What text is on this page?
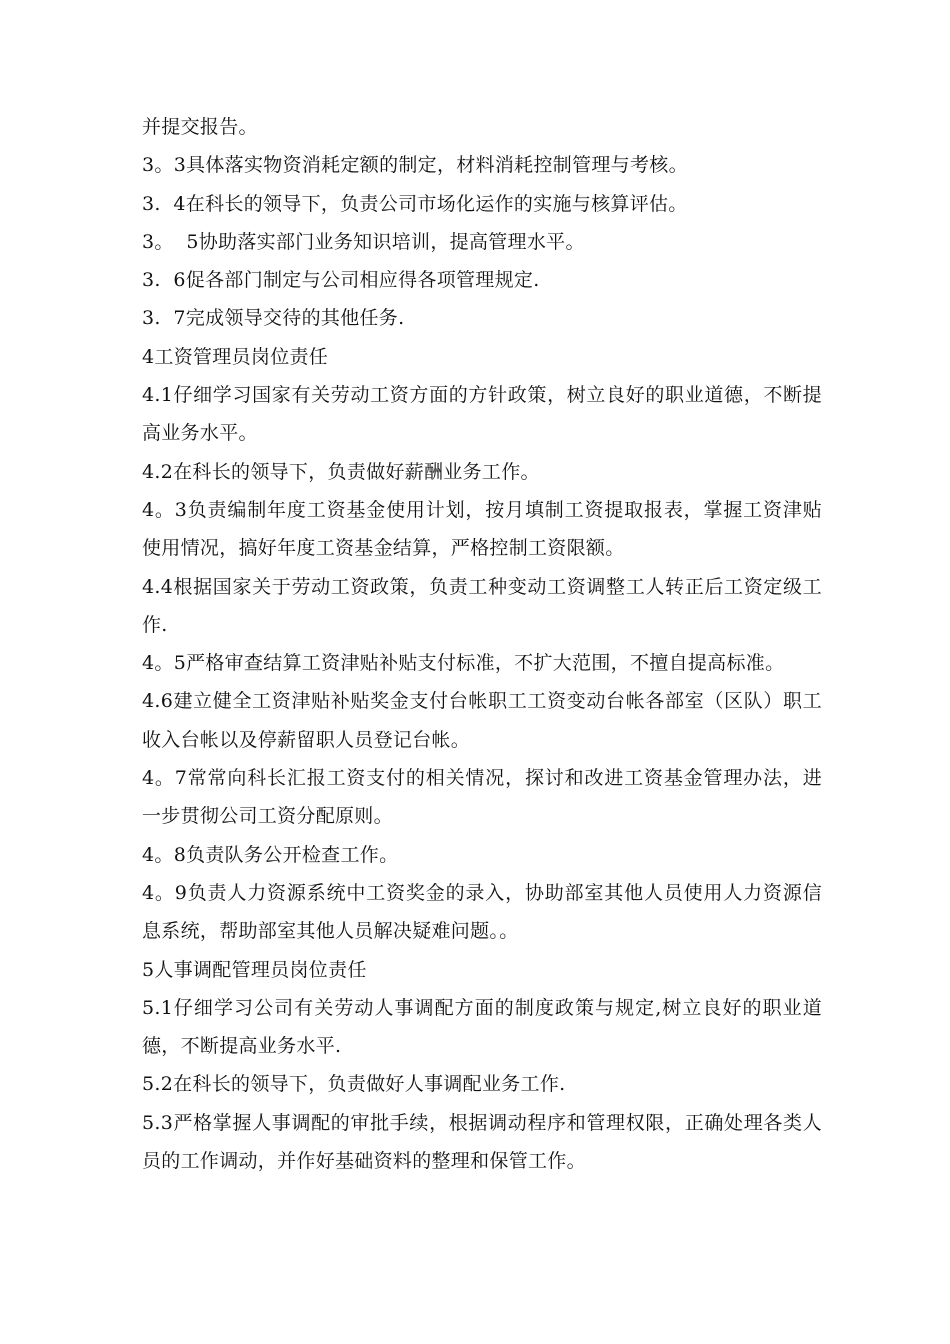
并提交报告。

3。3具体落实物资消耗定额的制定，材料消耗控制管理与考核。

3.  4在科长的领导下，负责公司市场化运作的实施与核算评估。

3。  5协助落实部门业务知识培训，提高管理水平。

3.  6促各部门制定与公司相应得各项管理规定.

3.  7完成领导交待的其他任务.

4工资管理员岗位责任

4.1仔细学习国家有关劳动工资方面的方针政策，树立良好的职业道德，不断提高业务水平。

4.2在科长的领导下，负责做好薪酬业务工作。

4。3负责编制年度工资基金使用计划，按月填制工资提取报表，掌握工资津贴使用情况，搞好年度工资基金结算，严格控制工资限额。

4.4根据国家关于劳动工资政策，负责工种变动工资调整工人转正后工资定级工作.

4。5严格审查结算工资津贴补贴支付标准，不扩大范围，不擅自提高标准。

4.6建立健全工资津贴补贴奖金支付台帐职工工资变动台帐各部室（区队）职工收入台帐以及停薪留职人员登记台帐。

4。7常常向科长汇报工资支付的相关情况，探讨和改进工资基金管理办法，进一步贯彻公司工资分配原则。

4。8负责队务公开检查工作。

4。9负责人力资源系统中工资奖金的录入，协助部室其他人员使用人力资源信息系统，帮助部室其他人员解决疑难问题。。

5人事调配管理员岗位责任

5.1仔细学习公司有关劳动人事调配方面的制度政策与规定,树立良好的职业道德，不断提高业务水平.

5.2在科长的领导下，负责做好人事调配业务工作.

5.3严格掌握人事调配的审批手续，根据调动程序和管理权限，正确处理各类人员的工作调动，并作好基础资料的整理和保管工作。
